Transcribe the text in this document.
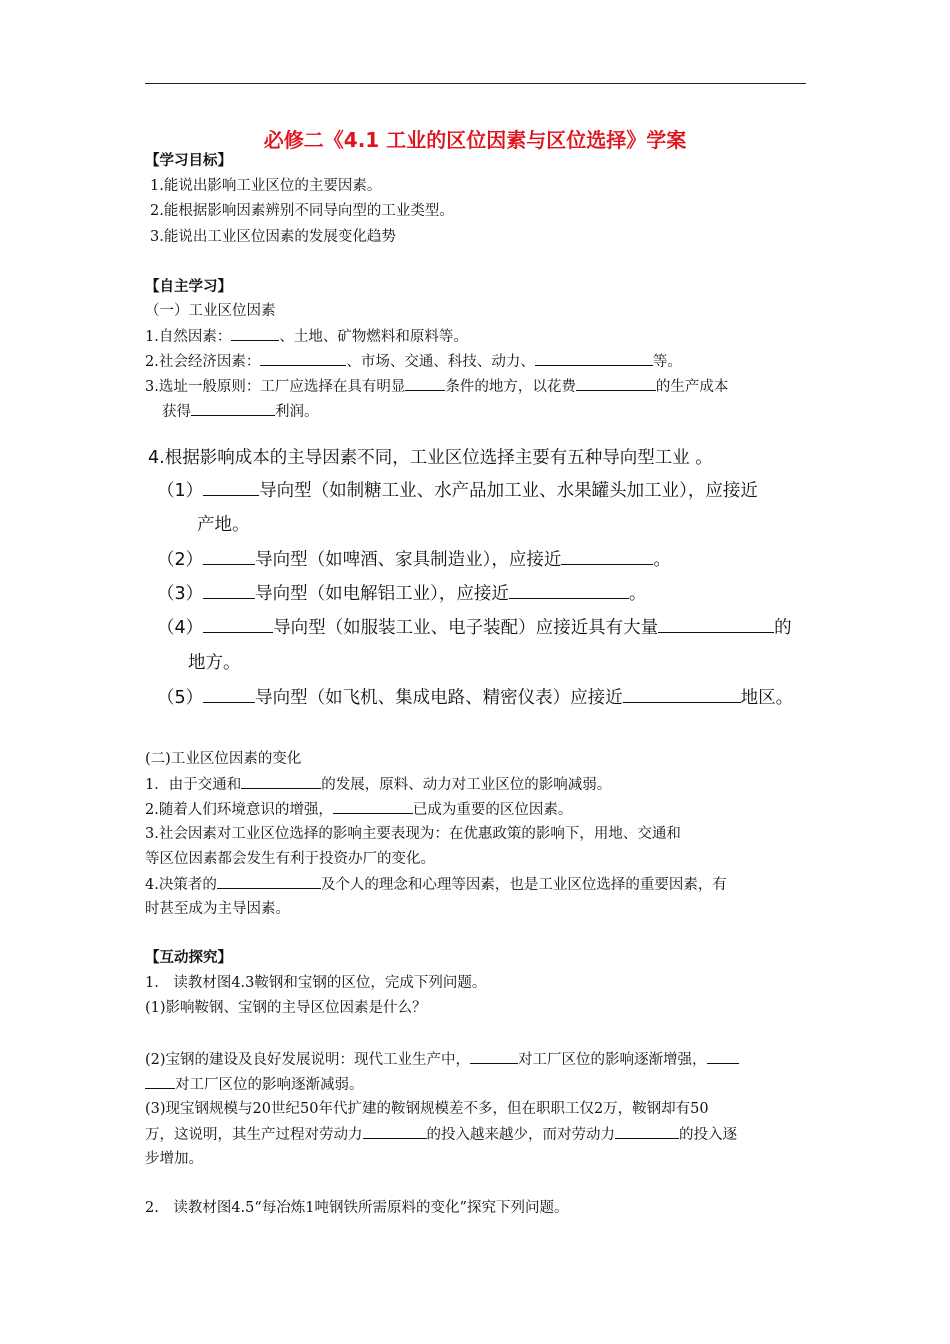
必修二《4.1 工业的区位因素与区位选择》学案
【学习目标】
1.能说出影响工业区位的主要因素。
2.能根据影响因素辨别不同导向型的工业类型。
3.能说出工业区位因素的发展变化趋势
【自主学习】
（一）工业区位因素
1.自然因素：	、土地、矿物燃料和原料等。
2.社会经济因素：	、市场、交通、科技、动力、	等。
3.选址一般原则：工厂应选择在具有明显	条件的地方，以花费	的生产成本
获得	利润。
4.根据影响成本的主导因素不同，工业区位选择主要有五种导向型工业 。
（1）	导向型（如制糖工业、水产品加工业、水果罐头加工业），应接近
产地。
（2）	导向型（如啤酒、家具制造业），应接近	。
（3）	导向型（如电解铝工业），应接近	。
（4）	导向型（如服装工业、电子装配）应接近具有大量	的
地方。
（5）	导向型（如飞机、集成电路、精密仪表）应接近	地区。
(二)工业区位因素的变化
1．由于交通和	的发展，原料、动力对工业区位的影响减弱。
2.随着人们环境意识的增强，	已成为重要的区位因素。
3.社会因素对工业区位选择的影响主要表现为：在优惠政策的影响下，用地、交通和
等区位因素都会发生有利于投资办厂的变化。
4.决策者的	及个人的理念和心理等因素，也是工业区位选择的重要因素，有
时甚至成为主导因素。
【互动探究】
1.　读教材图4.3鞍钢和宝钢的区位，完成下列问题。
(1)影响鞍钢、宝钢的主导区位因素是什么？
(2)宝钢的建设及良好发展说明：现代工业生产中，	对工厂区位的影响逐渐增强，
对工厂区位的影响逐渐减弱。
(3)现宝钢规模与20世纪50年代扩建的鞍钢规模差不多，但在职职工仅2万，鞍钢却有50
万，这说明，其生产过程对劳动力	的投入越来越少，而对劳动力	的投入逐
步增加。
2.　读教材图4.5“每冶炼1吨钢铁所需原料的变化”探究下列问题。
